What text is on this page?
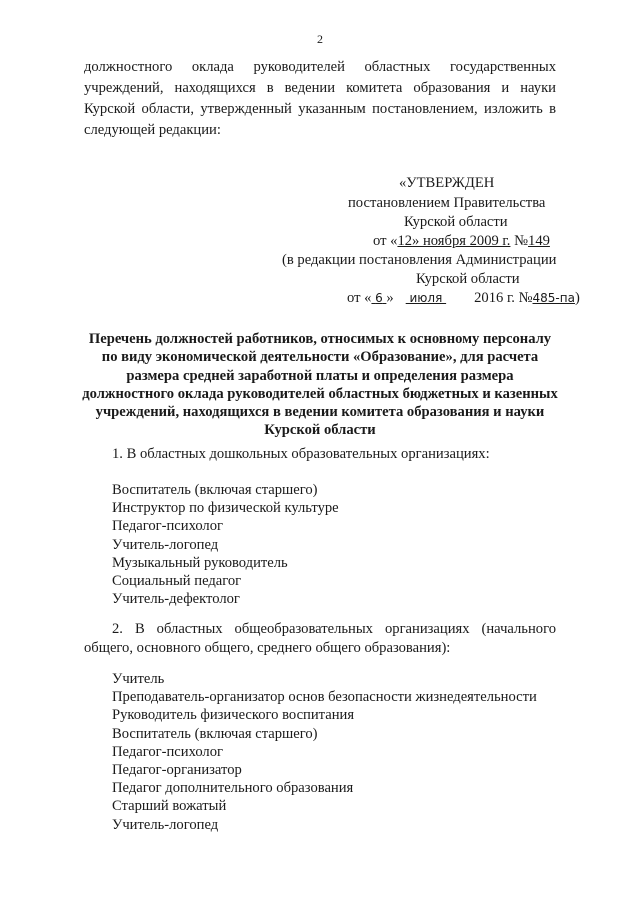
2
должностного оклада руководителей областных государственных учреждений, находящихся в ведении комитета образования и науки Курской области, утвержденный указанным постановлением, изложить в следующей редакции:
«УТВЕРЖДЕН
постановлением Правительства
Курской области
от «12» ноября 2009 г. №149
(в редакции постановления Администрации
Курской области
от « 6 » июля 2016 г. №485-па)
Перечень должностей работников, относимых к основному персоналу по виду экономической деятельности «Образование», для расчета размера средней заработной платы и определения размера должностного оклада руководителей областных бюджетных и казенных учреждений, находящихся в ведении комитета образования и науки Курской области
1. В областных дошкольных образовательных организациях:
Воспитатель (включая старшего)
Инструктор по физической культуре
Педагог-психолог
Учитель-логопед
Музыкальный руководитель
Социальный педагог
Учитель-дефектолог
2. В областных общеобразовательных организациях (начального общего, основного общего, среднего общего образования):
Учитель
Преподаватель-организатор основ безопасности жизнедеятельности
Руководитель физического воспитания
Воспитатель (включая старшего)
Педагог-психолог
Педагог-организатор
Педагог дополнительного образования
Старший вожатый
Учитель-логопед
